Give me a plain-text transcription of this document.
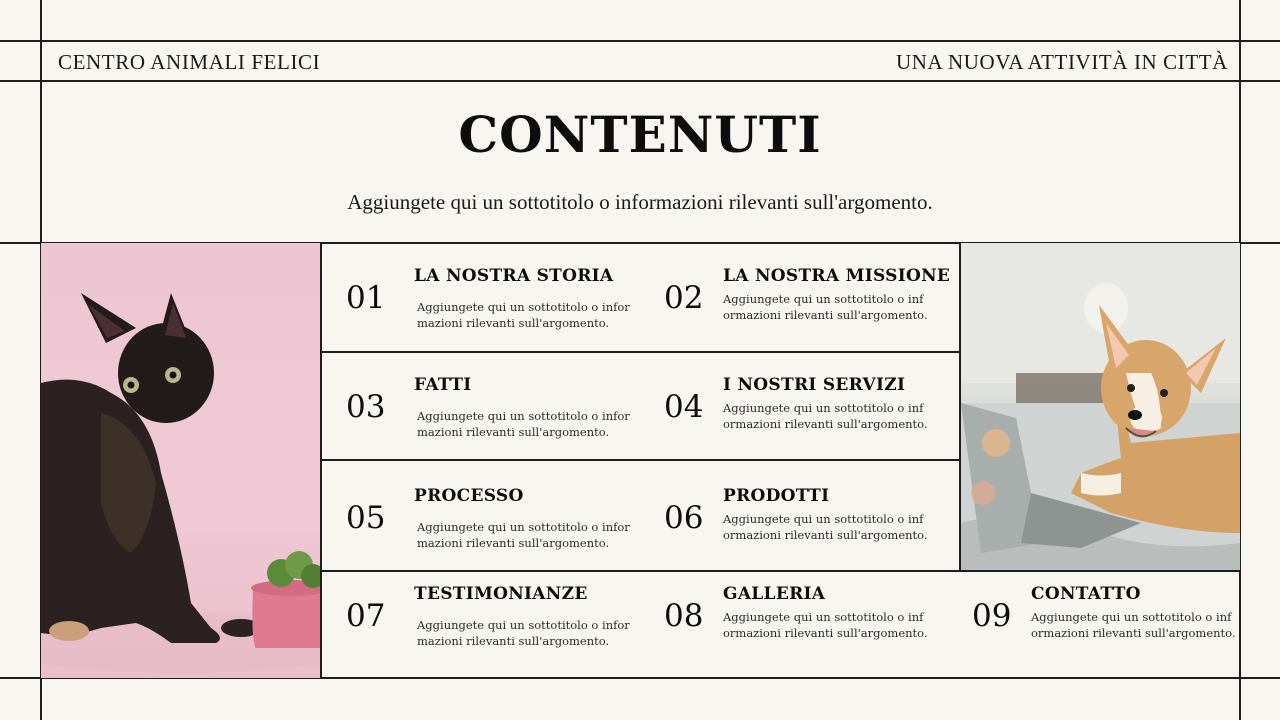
CENTRO ANIMALI FELICI	UNA NUOVA ATTIVITÀ IN CITTÀ
CONTENUTI
Aggiungete qui un sottotitolo o informazioni rilevanti sull'argomento.
01
LA NOSTRA STORIA
Aggiungete qui un sottotitolo o informazioni rilevanti sull'argomento.
02
LA NOSTRA MISSIONE
Aggiungete qui un sottotitolo o informazioni rilevanti sull'argomento.
03
FATTI
Aggiungete qui un sottotitolo o informazioni rilevanti sull'argomento.
04
I NOSTRI SERVIZI
Aggiungete qui un sottotitolo o informazioni rilevanti sull'argomento.
05
PROCESSO
Aggiungete qui un sottotitolo o informazioni rilevanti sull'argomento.
06
PRODOTTI
Aggiungete qui un sottotitolo o informazioni rilevanti sull'argomento.
07
TESTIMONIANZE
Aggiungete qui un sottotitolo o informazioni rilevanti sull'argomento.
08
GALLERIA
Aggiungete qui un sottotitolo o informazioni rilevanti sull'argomento. 09
CONTATTO
Aggiungete qui un sottotitolo o informazioni rilevanti sull'argomento.
